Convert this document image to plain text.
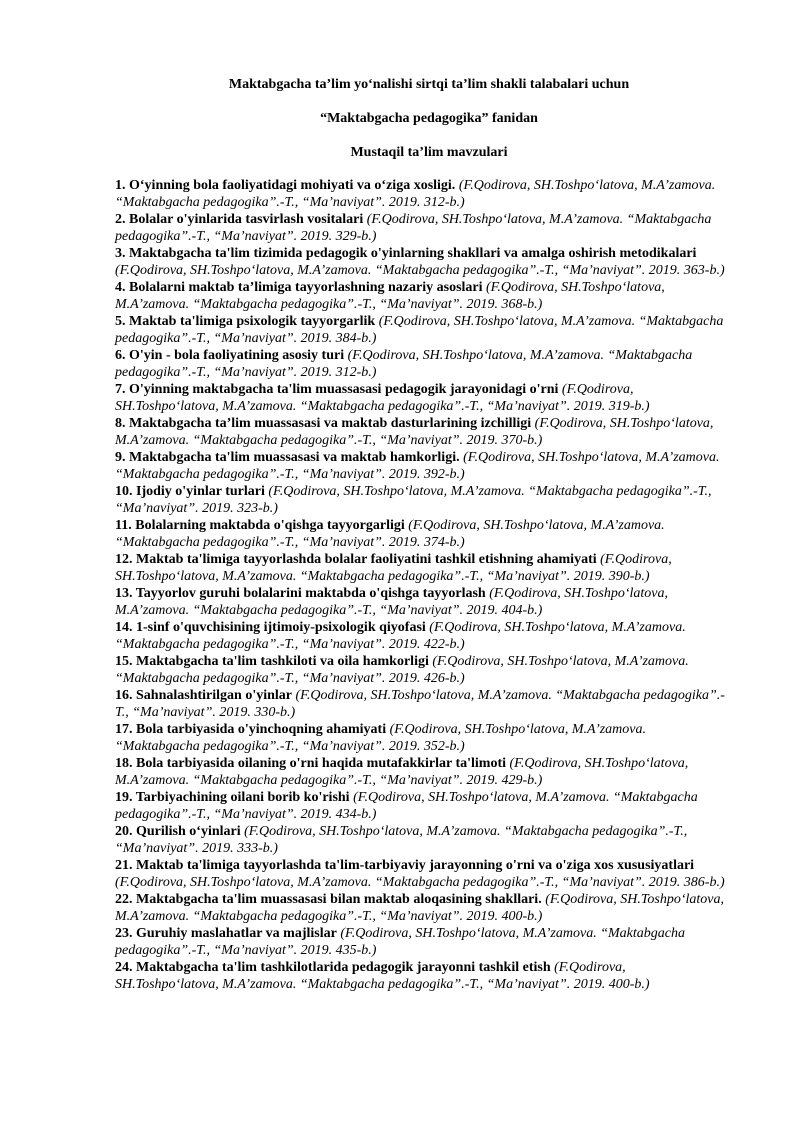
Maktabgacha ta’lim yo‘nalishi sirtqi ta’lim shakli talabalari uchun
“Maktabgacha pedagogika” fanidan
Mustaqil ta’lim mavzulari

1. O‘yinning bola faoliyatidagi mohiyati va o‘ziga xosligi. (F.Qodirova, SH.Toshpo‘latova, M.A’zamova. “Maktabgacha pedagogika”.-T., “Ma’naviyat”. 2019. 312-b.)

2. Bolalar o'yinlarida tasvirlash vositalari (F.Qodirova, SH.Toshpo‘latova, M.A’zamova. “Maktabgacha pedagogika”.-T., “Ma’naviyat”. 2019. 329-b.)

3. Maktabgacha ta'lim tizimida pedagogik o'yinlarning shakllari va amalga oshirish metodikalari (F.Qodirova, SH.Toshpo‘latova, M.A’zamova. “Maktabgacha pedagogika”.-T., “Ma’naviyat”. 2019. 363-b.)

4. Bolalarni maktab ta’limiga tayyorlashning nazariy asoslari (F.Qodirova, SH.Toshpo‘latova, M.A’zamova. “Maktabgacha pedagogika”.-T., “Ma’naviyat”. 2019. 368-b.)

5. Maktab ta'limiga psixologik tayyorgarlik (F.Qodirova, SH.Toshpo‘latova, M.A’zamova. “Maktabgacha pedagogika”.-T., “Ma’naviyat”. 2019. 384-b.)

6. O'yin - bola faoliyatining asosiy turi (F.Qodirova, SH.Toshpo‘latova, M.A’zamova. “Maktabgacha pedagogika”.-T., “Ma’naviyat”. 2019. 312-b.)

7. O'yinning maktabgacha ta'lim muassasasi pedagogik jarayonidagi o'rni (F.Qodirova, SH.Toshpo‘latova, M.A’zamova. “Maktabgacha pedagogika”.-T., “Ma’naviyat”. 2019. 319-b.)

8. Maktabgacha ta’lim muassasasi va maktab dasturlarining izchilligi (F.Qodirova, SH.Toshpo‘latova, M.A’zamova. “Maktabgacha pedagogika”.-T., “Ma’naviyat”. 2019. 370-b.)

9. Maktabgacha ta'lim muassasasi va maktab hamkorligi. (F.Qodirova, SH.Toshpo‘latova, M.A’zamova. “Maktabgacha pedagogika”.-T., “Ma’naviyat”. 2019. 392-b.)

10. Ijodiy o'yinlar turlari (F.Qodirova, SH.Toshpo‘latova, M.A’zamova. “Maktabgacha pedagogika”.-T., “Ma’naviyat”. 2019. 323-b.)

11. Bolalarning maktabda o'qishga tayyorgarligi (F.Qodirova, SH.Toshpo‘latova, M.A’zamova. “Maktabgacha pedagogika”.-T., “Ma’naviyat”. 2019. 374-b.)

12. Maktab ta'limiga tayyorlashda bolalar faoliyatini tashkil etishning ahamiyati (F.Qodirova, SH.Toshpo‘latova, M.A’zamova. “Maktabgacha pedagogika”.-T., “Ma’naviyat”. 2019. 390-b.)

13. Tayyorlov guruhi bolalarini maktabda o'qishga tayyorlash (F.Qodirova, SH.Toshpo‘latova, M.A’zamova. “Maktabgacha pedagogika”.-T., “Ma’naviyat”. 2019. 404-b.)

14. 1-sinf o'quvchisining ijtimoiy-psixologik qiyofasi (F.Qodirova, SH.Toshpo‘latova, M.A’zamova. “Maktabgacha pedagogika”.-T., “Ma’naviyat”. 2019. 422-b.)

15. Maktabgacha ta'lim tashkiloti va oila hamkorligi (F.Qodirova, SH.Toshpo‘latova, M.A’zamova. “Maktabgacha pedagogika”.-T., “Ma’naviyat”. 2019. 426-b.)

16. Sahnalashtirilgan o'yinlar (F.Qodirova, SH.Toshpo‘latova, M.A’zamova. “Maktabgacha pedagogika”.-T., “Ma’naviyat”. 2019. 330-b.)

17. Bola tarbiyasida o'yinchoqning ahamiyati (F.Qodirova, SH.Toshpo‘latova, M.A’zamova. “Maktabgacha pedagogika”.-T., “Ma’naviyat”. 2019. 352-b.)

18. Bola tarbiyasida oilaning o'rni haqida mutafakkirlar ta'limoti (F.Qodirova, SH.Toshpo‘latova, M.A’zamova. “Maktabgacha pedagogika”.-T., “Ma’naviyat”. 2019. 429-b.)

19. Tarbiyachining oilani borib ko'rishi (F.Qodirova, SH.Toshpo‘latova, M.A’zamova. “Maktabgacha pedagogika”.-T., “Ma’naviyat”. 2019. 434-b.)

20. Qurilish o‘yinlari (F.Qodirova, SH.Toshpo‘latova, M.A’zamova. “Maktabgacha pedagogika”.-T., “Ma’naviyat”. 2019. 333-b.)

21. Maktab ta'limiga tayyorlashda ta'lim-tarbiyaviy jarayonning o'rni va o'ziga xos xususiyatlari (F.Qodirova, SH.Toshpo‘latova, M.A’zamova. “Maktabgacha pedagogika”.-T., “Ma’naviyat”. 2019. 386-b.)

22. Maktabgacha ta'lim muassasasi bilan maktab aloqasining shakllari. (F.Qodirova, SH.Toshpo‘latova, M.A’zamova. “Maktabgacha pedagogika”.-T., “Ma’naviyat”. 2019. 400-b.)

23. Guruhiy maslahatlar va majlislar (F.Qodirova, SH.Toshpo‘latova, M.A’zamova. “Maktabgacha pedagogika”.-T., “Ma’naviyat”. 2019. 435-b.)

24. Maktabgacha ta'lim tashkilotlarida pedagogik jarayonni tashkil etish (F.Qodirova, SH.Toshpo‘latova, M.A’zamova. “Maktabgacha pedagogika”.-T., “Ma’naviyat”. 2019. 400-b.)
